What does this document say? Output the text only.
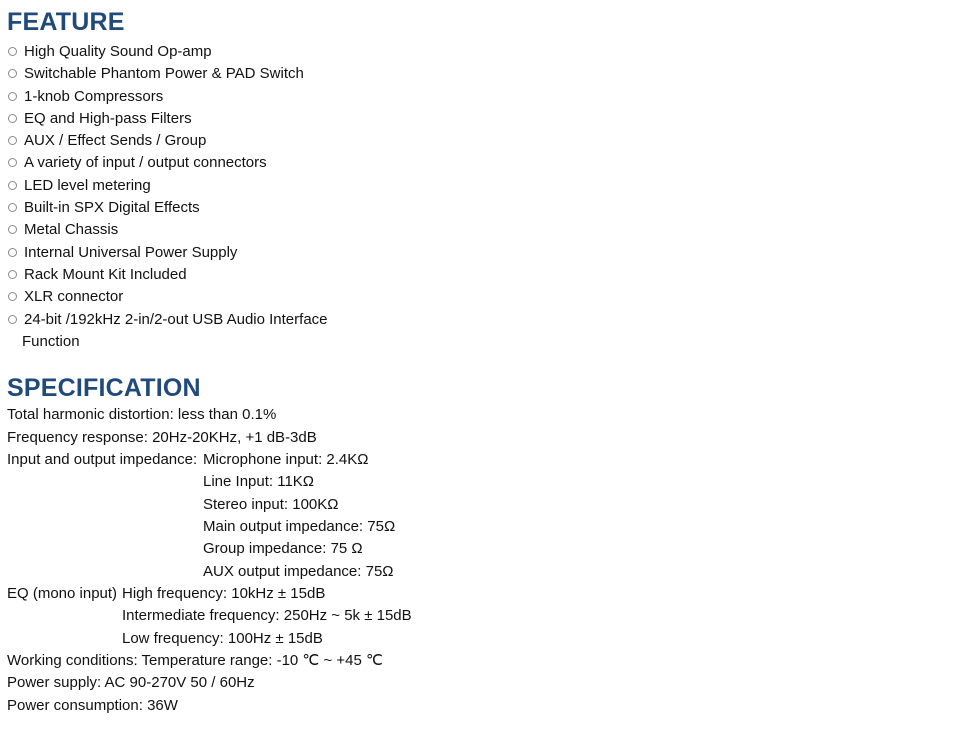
FEATURE
High Quality Sound Op-amp
Switchable Phantom Power & PAD Switch
1-knob Compressors
EQ and High-pass Filters
AUX / Effect Sends / Group
A variety of input / output connectors
LED level metering
Built-in SPX Digital Effects
Metal Chassis
Internal Universal Power Supply
Rack Mount Kit Included
XLR connector
24-bit /192kHz 2-in/2-out USB Audio Interface
Function
SPECIFICATION

Total harmonic distortion: less than 0.1%

Frequency response: 20Hz-20KHz, +1 dB-3dB

Input and output impedance: Microphone input: 2.4KΩ

Line Input: 11KΩ

Stereo input: 100KΩ

Main output impedance: 75Ω

Group impedance: 75 Ω

AUX output impedance: 75Ω

EQ (mono input) High frequency: 10kHz ± 15dB

Intermediate frequency: 250Hz ~ 5k ± 15dB

Low frequency: 100Hz ± 15dB

Working conditions: Temperature range: -10 ℃ ~ +45 ℃

Power supply: AC 90-270V 50 / 60Hz

Power consumption: 36W
